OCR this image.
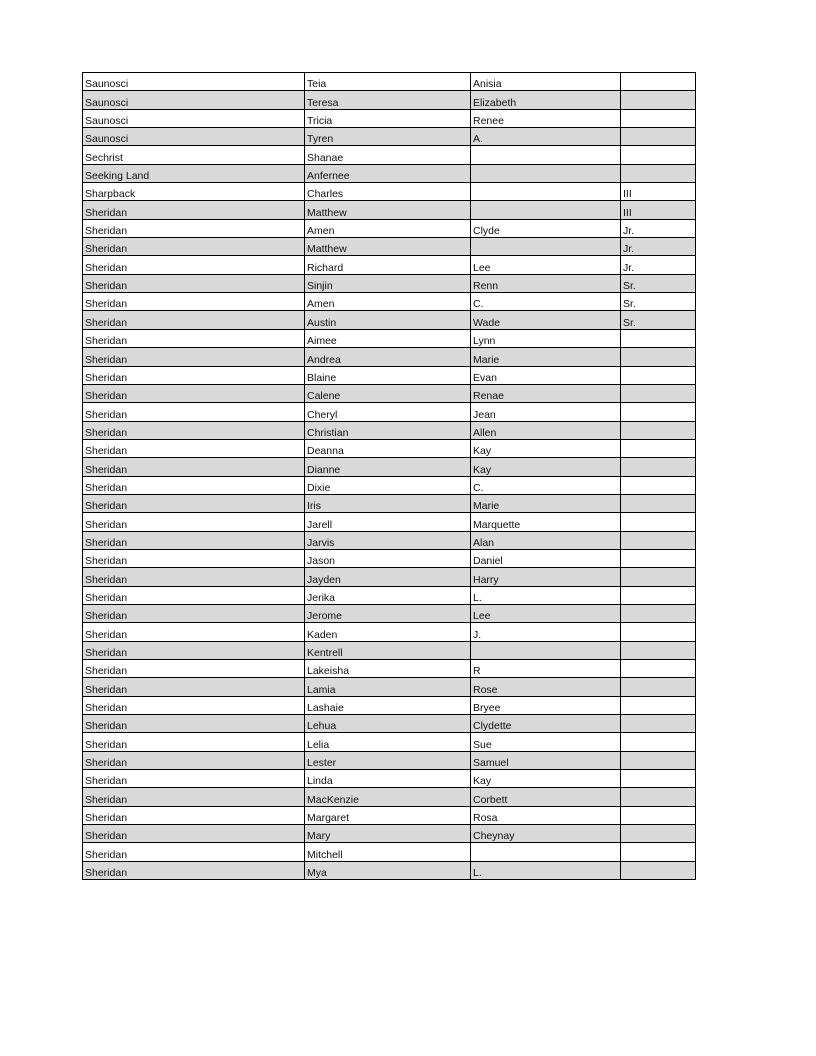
Saunosci	Teia	Anisia	
Saunosci	Teresa	Elizabeth	
Saunosci	Tricia	Renee	
Saunosci	Tyren	A.	
Sechrist	Shanae		
Seeking Land	Anfernee		
Sharpback	Charles		III
Sheridan	Matthew		III
Sheridan	Amen	Clyde	Jr.
Sheridan	Matthew		Jr.
Sheridan	Richard	Lee	Jr.
Sheridan	Sinjin	Renn	Sr.
Sheridan	Amen	C.	Sr.
Sheridan	Austin	Wade	Sr.
Sheridan	Aimee	Lynn	
Sheridan	Andrea	Marie	
Sheridan	Blaine	Evan	
Sheridan	Calene	Renae	
Sheridan	Cheryl	Jean	
Sheridan	Christian	Allen	
Sheridan	Deanna	Kay	
Sheridan	Dianne	Kay	
Sheridan	Dixie	C.	
Sheridan	Iris	Marie	
Sheridan	Jarell	Marquette	
Sheridan	Jarvis	Alan	
Sheridan	Jason	Daniel	
Sheridan	Jayden	Harry	
Sheridan	Jerika	L.	
Sheridan	Jerome	Lee	
Sheridan	Kaden	J.	
Sheridan	Kentrell		
Sheridan	Lakeisha	R	
Sheridan	Lamia	Rose	
Sheridan	Lashaie	Bryee	
Sheridan	Lehua	Clydette	
Sheridan	Lelia	Sue	
Sheridan	Lester	Samuel	
Sheridan	Linda	Kay	
Sheridan	MacKenzie	Corbett	
Sheridan	Margaret	Rosa	
Sheridan	Mary	Cheynay	
Sheridan	Mitchell		
Sheridan	Mya	L.	
